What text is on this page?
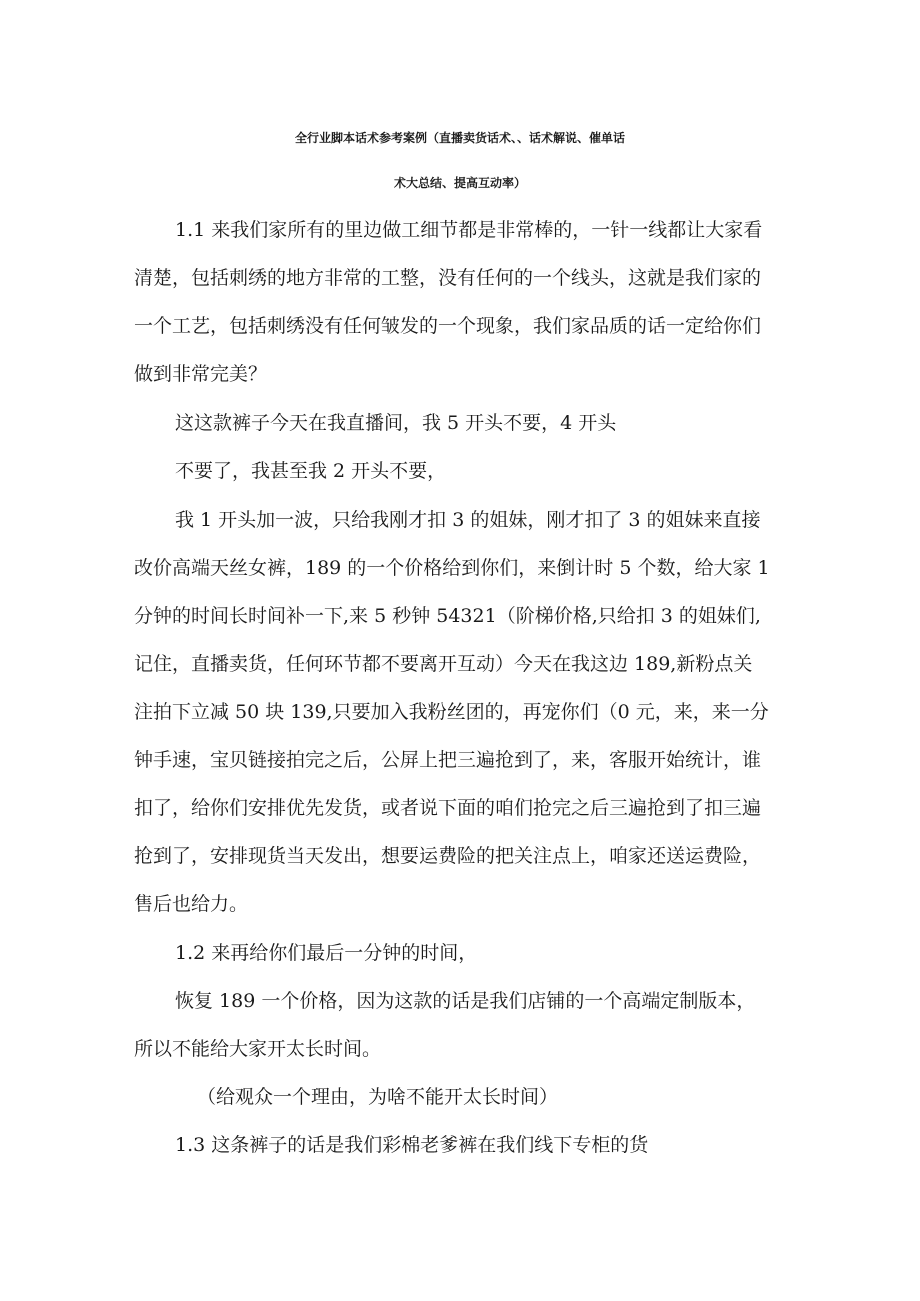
全行业脚本话术参考案例（直播卖货话术、、话术解说、催单话
术大总结、提高互动率）

1.1 来我们家所有的里边做工细节都是非常棒的，一针一线都让大家看

清楚，包括刺绣的地方非常的工整，没有任何的一个线头，这就是我们家的

一个工艺，包括刺绣没有任何皱发的一个现象，我们家品质的话一定给你们

做到非常完美？

这这款裤子今天在我直播间，我 5 开头不要，4 开头

不要了，我甚至我 2 开头不要，

我 1 开头加一波，只给我刚才扣 3 的姐妹，刚才扣了 3 的姐妹来直接

改价高端天丝女裤，189 的一个价格给到你们，来倒计时 5 个数，给大家 1

分钟的时间长时间补一下,来 5 秒钟 54321（阶梯价格,只给扣 3 的姐妹们,

记住，直播卖货，任何环节都不要离开互动）今天在我这边 189,新粉点关

注拍下立减 50 块 139,只要加入我粉丝团的，再宠你们（0 元，来，来一分

钟手速，宝贝链接拍完之后，公屏上把三遍抢到了，来，客服开始统计，谁

扣了，给你们安排优先发货，或者说下面的咱们抢完之后三遍抢到了扣三遍

抢到了，安排现货当天发出，想要运费险的把关注点上，咱家还送运费险，

售后也给力。

1.2 来再给你们最后一分钟的时间，

恢复 189 一个价格，因为这款的话是我们店铺的一个高端定制版本，

所以不能给大家开太长时间。

（给观众一个理由，为啥不能开太长时间）

1.3 这条裤子的话是我们彩棉老爹裤在我们线下专柜的货
